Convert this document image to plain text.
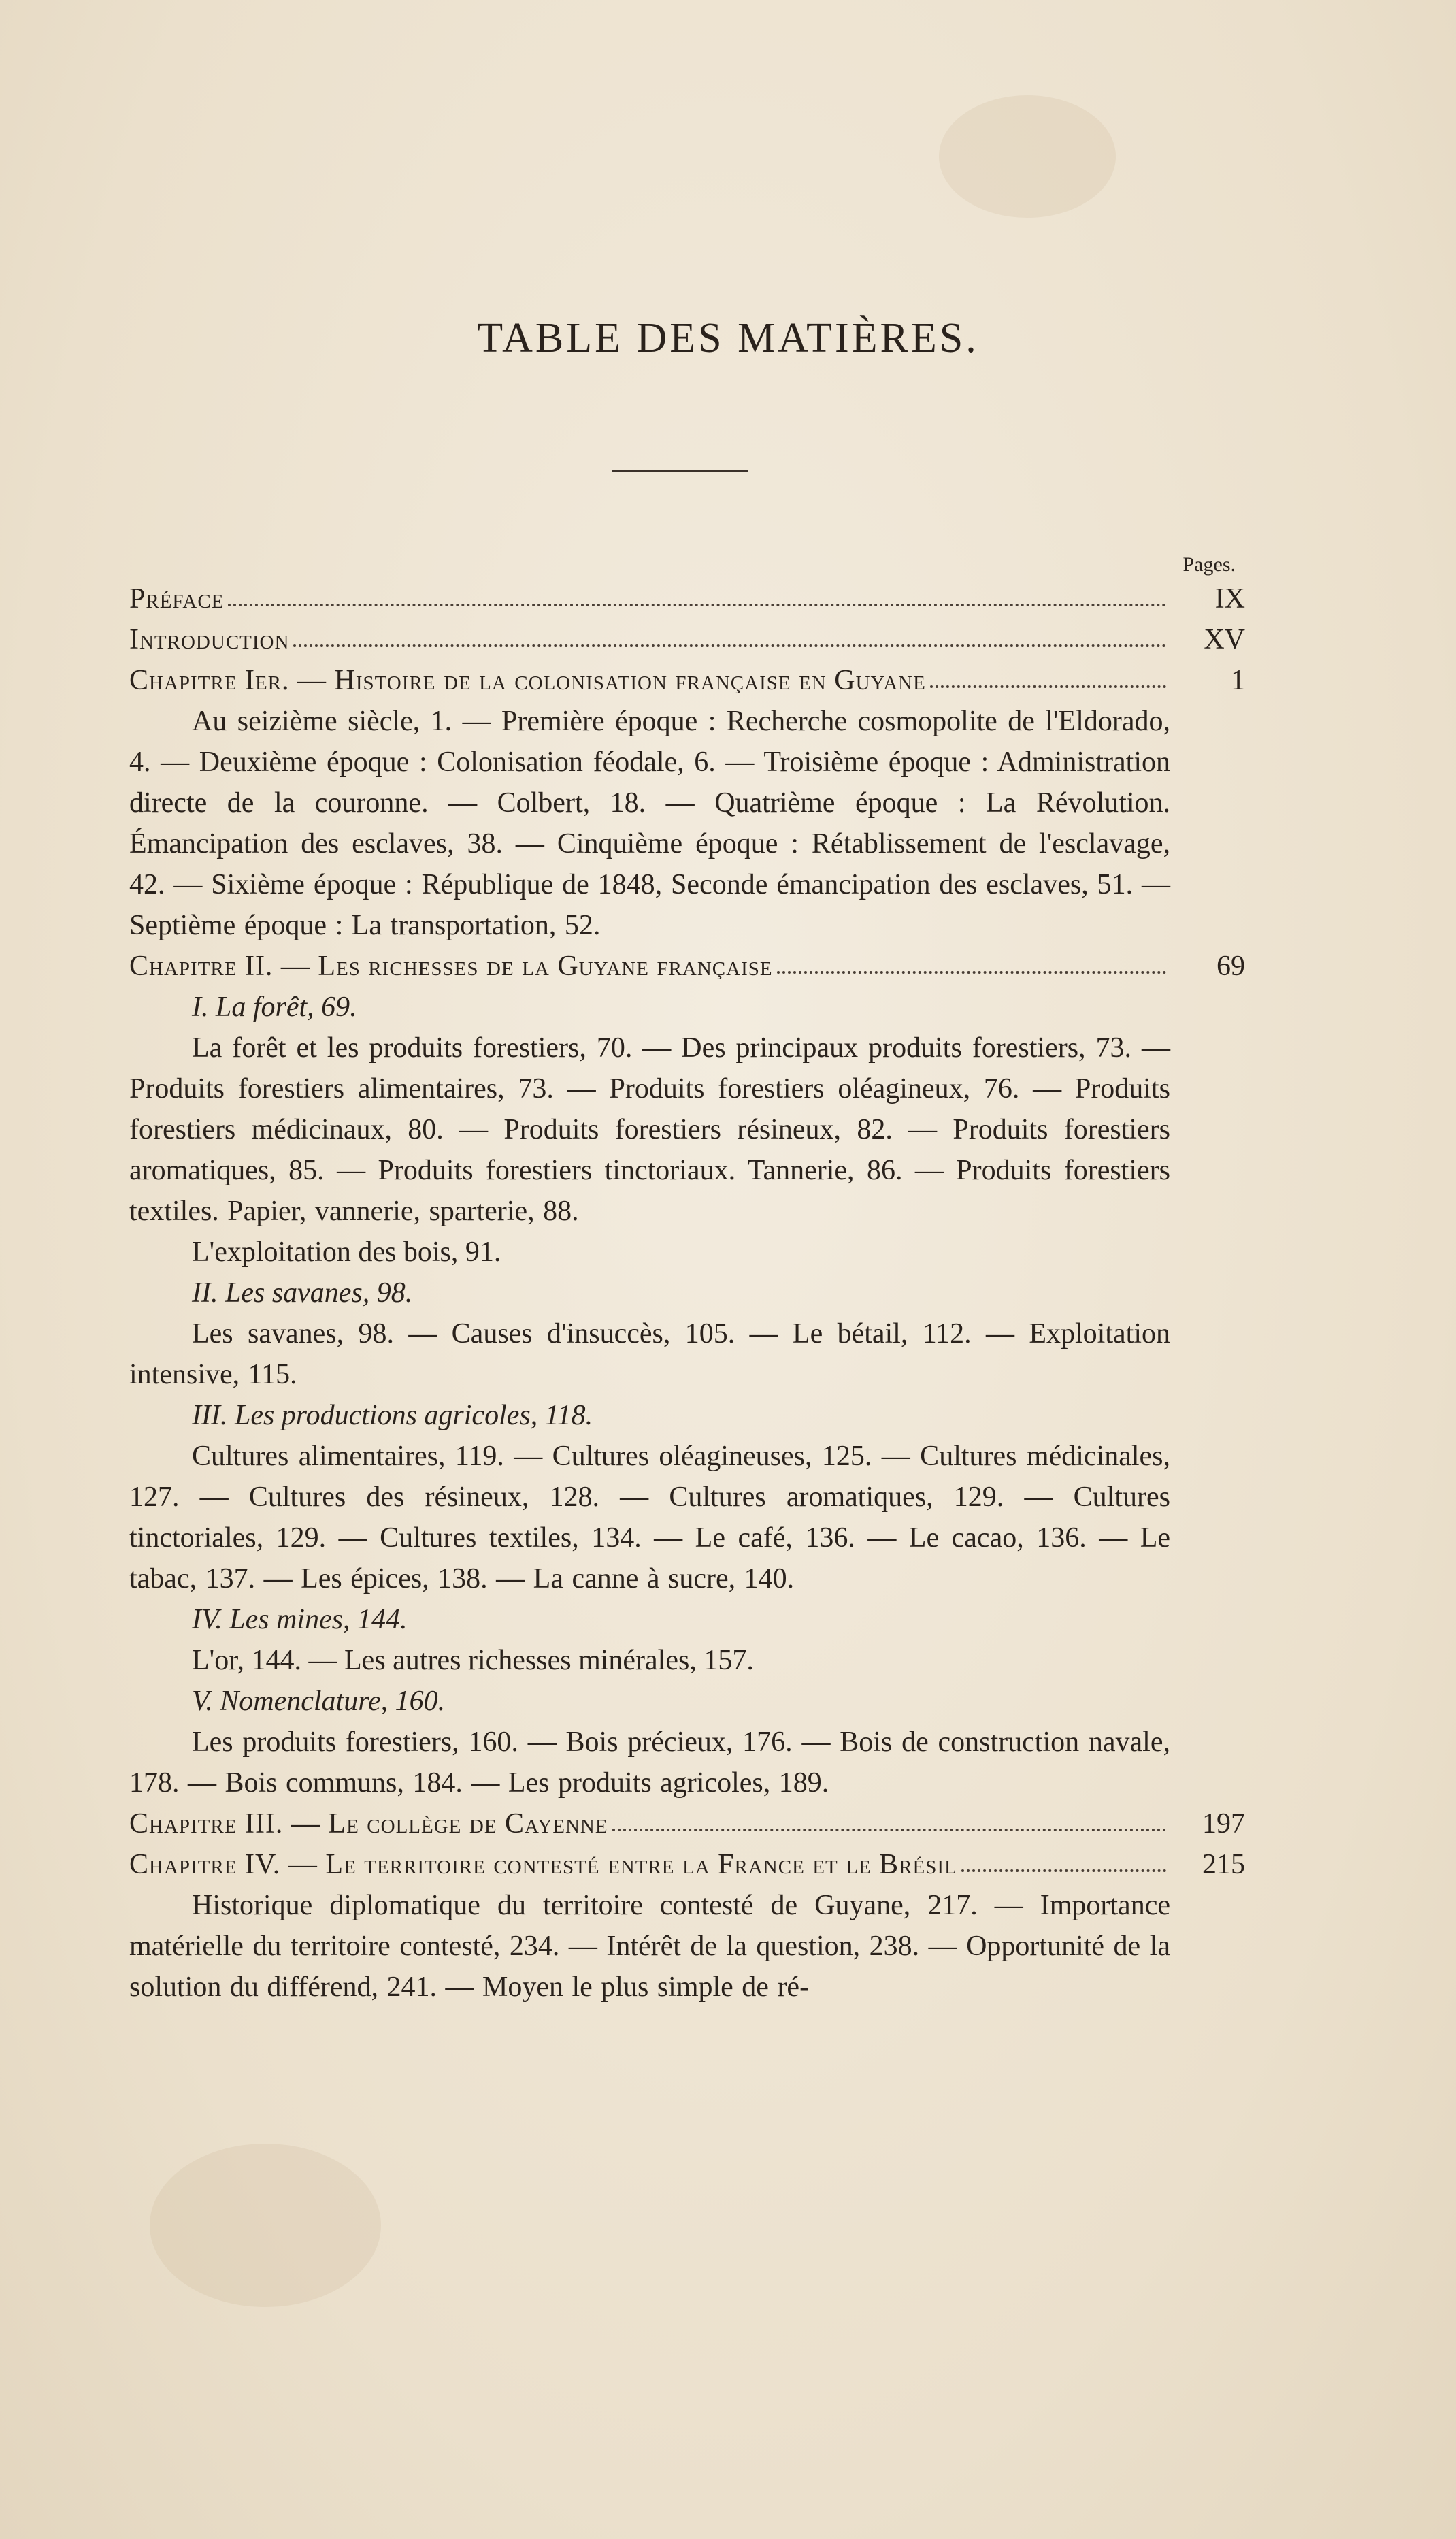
TABLE DES MATIÈRES.
Pages.
Préface	IX
Introduction	XV
Chapitre Ier. — Histoire de la colonisation française en Guyane	1

Au seizième siècle, 1. — Première époque : Recherche cosmopolite de l'Eldorado, 4. — Deuxième époque : Colonisation féodale, 6. — Troisième époque : Administration directe de la couronne. — Colbert, 18. — Quatrième époque : La Révolution. Émancipation des esclaves, 38. — Cinquième époque : Rétablissement de l'esclavage, 42. — Sixième époque : République de 1848, Seconde émancipation des esclaves, 51. — Septième époque : La transportation, 52.

Chapitre II. — Les richesses de la Guyane française	69

I. La forêt, 69.

La forêt et les produits forestiers, 70. — Des principaux produits forestiers, 73. — Produits forestiers alimentaires, 73. — Produits forestiers oléagineux, 76. — Produits forestiers médicinaux, 80. — Produits forestiers résineux, 82. — Produits forestiers aromatiques, 85. — Produits forestiers tinctoriaux. Tannerie, 86. — Produits forestiers textiles. Papier, vannerie, sparterie, 88.

L'exploitation des bois, 91.

II. Les savanes, 98.

Les savanes, 98. — Causes d'insuccès, 105. — Le bétail, 112. — Exploitation intensive, 115.

III. Les productions agricoles, 118.

Cultures alimentaires, 119. — Cultures oléagineuses, 125. — Cultures médicinales, 127. — Cultures des résineux, 128. — Cultures aromatiques, 129. — Cultures tinctoriales, 129. — Cultures textiles, 134. — Le café, 136. — Le cacao, 136. — Le tabac, 137. — Les épices, 138. — La canne à sucre, 140.

IV. Les mines, 144.

L'or, 144. — Les autres richesses minérales, 157.

V. Nomenclature, 160.

Les produits forestiers, 160. — Bois précieux, 176. — Bois de construction navale, 178. — Bois communs, 184. — Les produits agricoles, 189.

Chapitre III. — Le collège de Cayenne	197
Chapitre IV. — Le territoire contesté entre la France et le Brésil	215

Historique diplomatique du territoire contesté de Guyane, 217. — Importance matérielle du territoire contesté, 234. — Intérêt de la question, 238. — Opportunité de la solution du différend, 241. — Moyen le plus simple de ré-
